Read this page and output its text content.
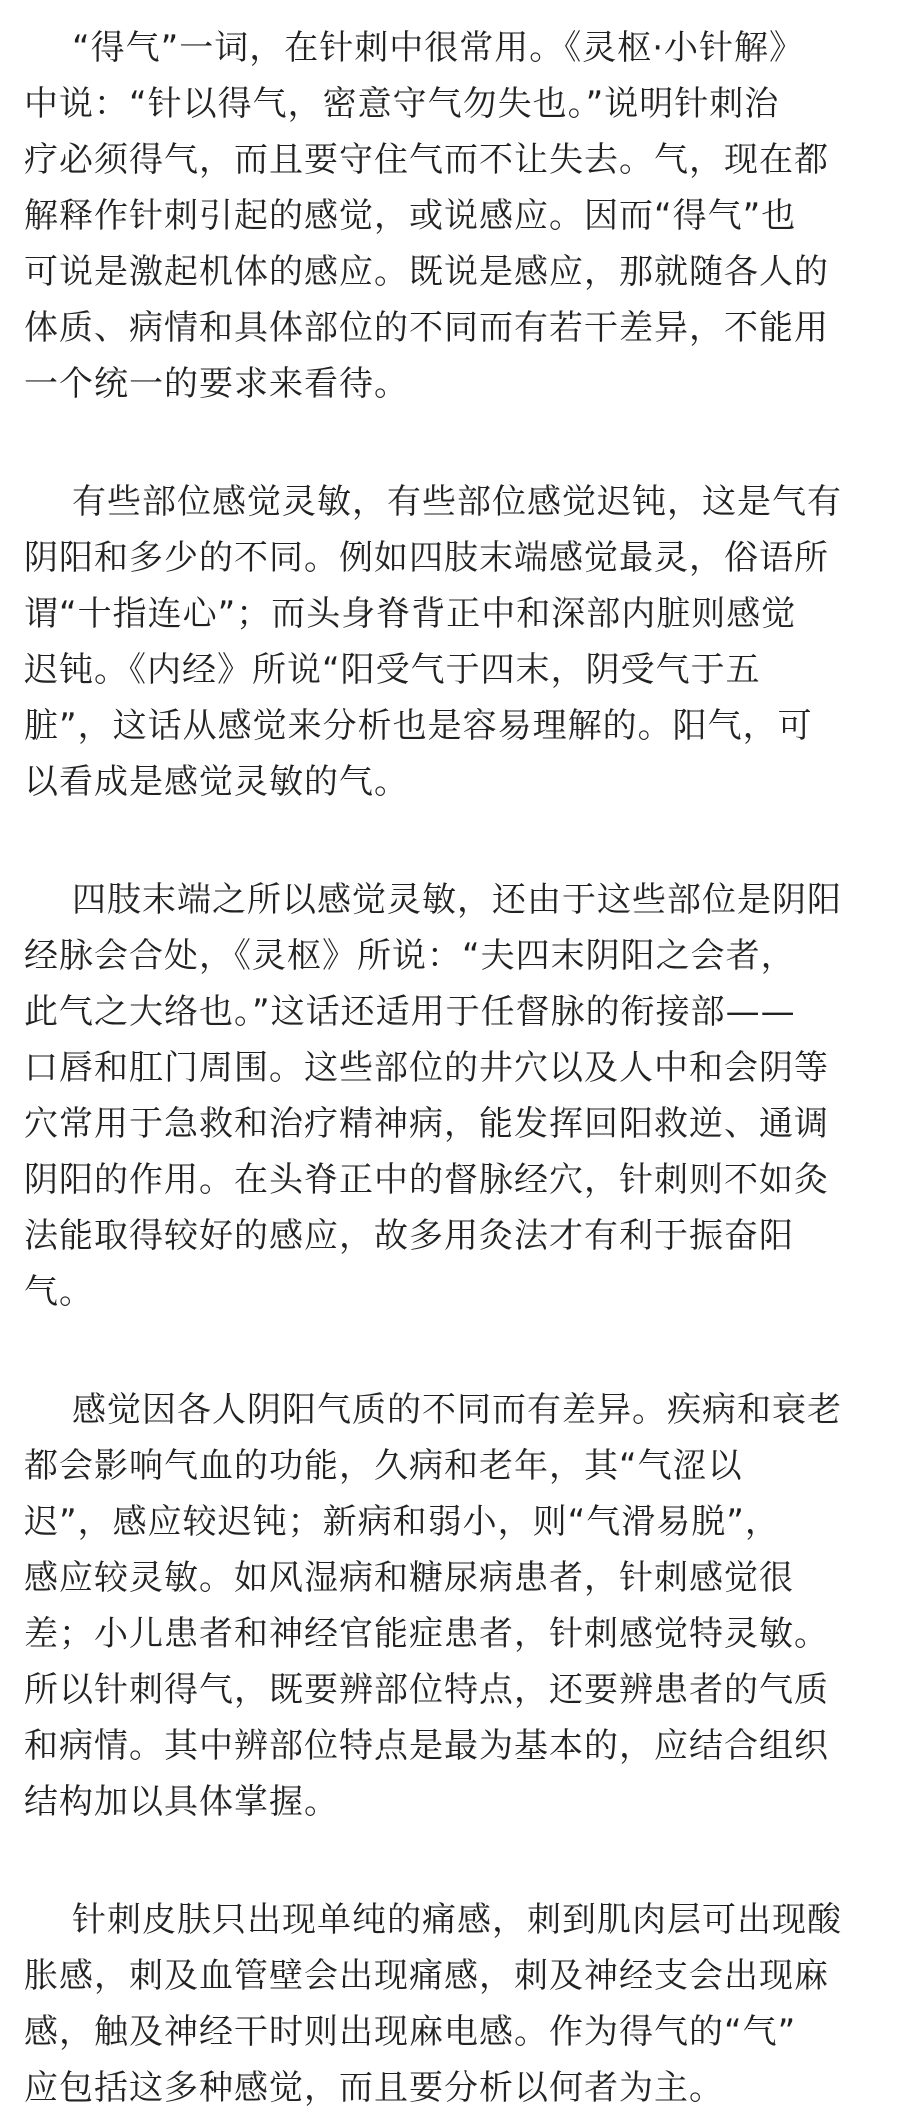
“得气”一词，在针刺中很常用。《灵枢·小针解》
中说：“针以得气，密意守气勿失也。”说明针刺治
疗必须得气，而且要守住气而不让失去。气，现在都
解释作针刺引起的感觉，或说感应。因而“得气”也
可说是激起机体的感应。既说是感应，那就随各人的
体质、病情和具体部位的不同而有若干差异，不能用
一个统一的要求来看待。

有些部位感觉灵敏，有些部位感觉迟钝，这是气有
阴阳和多少的不同。例如四肢末端感觉最灵，俗语所
谓“十指连心”；而头身脊背正中和深部内脏则感觉
迟钝。《内经》所说“阳受气于四末，阴受气于五
脏”，这话从感觉来分析也是容易理解的。阳气，可
以看成是感觉灵敏的气。

四肢末端之所以感觉灵敏，还由于这些部位是阴阳
经脉会合处，《灵枢》所说：“夫四末阴阳之会者，
此气之大络也。”这话还适用于任督脉的衔接部——
口唇和肛门周围。这些部位的井穴以及人中和会阴等
穴常用于急救和治疗精神病，能发挥回阳救逆、通调
阴阳的作用。在头脊正中的督脉经穴，针刺则不如灸
法能取得较好的感应，故多用灸法才有利于振奋阳
气。

感觉因各人阴阳气质的不同而有差异。疾病和衰老
都会影响气血的功能，久病和老年，其“气涩以
迟”，感应较迟钝；新病和弱小，则“气滑易脱”，
感应较灵敏。如风湿病和糖尿病患者，针刺感觉很
差；小儿患者和神经官能症患者，针刺感觉特灵敏。
所以针刺得气，既要辨部位特点，还要辨患者的气质
和病情。其中辨部位特点是最为基本的，应结合组织
结构加以具体掌握。

针刺皮肤只出现单纯的痛感，刺到肌肉层可出现酸
胀感，刺及血管壁会出现痛感，刺及神经支会出现麻
感，触及神经干时则出现麻电感。作为得气的“气”
应包括这多种感觉，而且要分析以何者为主。
